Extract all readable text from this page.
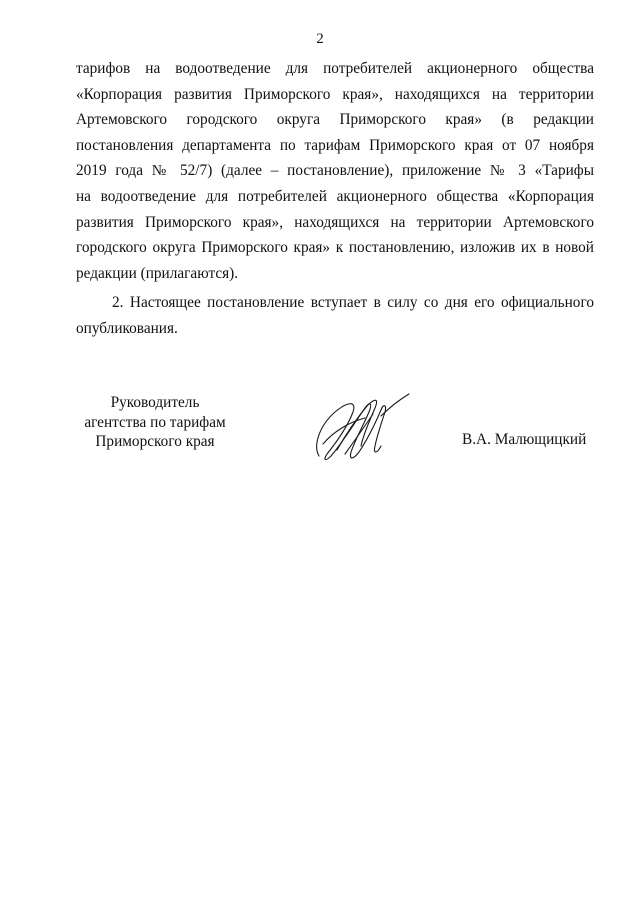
2
тарифов на водоотведение для потребителей акционерного общества
«Корпорация развития Приморского края», находящихся на территории
Артемовского городского округа Приморского края» (в редакции
постановления департамента по тарифам Приморского края от 07 ноября
2019 года № 52/7) (далее – постановление), приложение № 3 «Тарифы
на водоотведение для потребителей акционерного общества «Корпорация
развития Приморского края», находящихся на территории Артемовского
городского округа Приморского края» к постановлению, изложив их в новой
редакции (прилагаются).
2. Настоящее постановление вступает в силу со дня его официального
опубликования.
Руководитель
агентства по тарифам
Приморского края	В.А. Малющицкий
